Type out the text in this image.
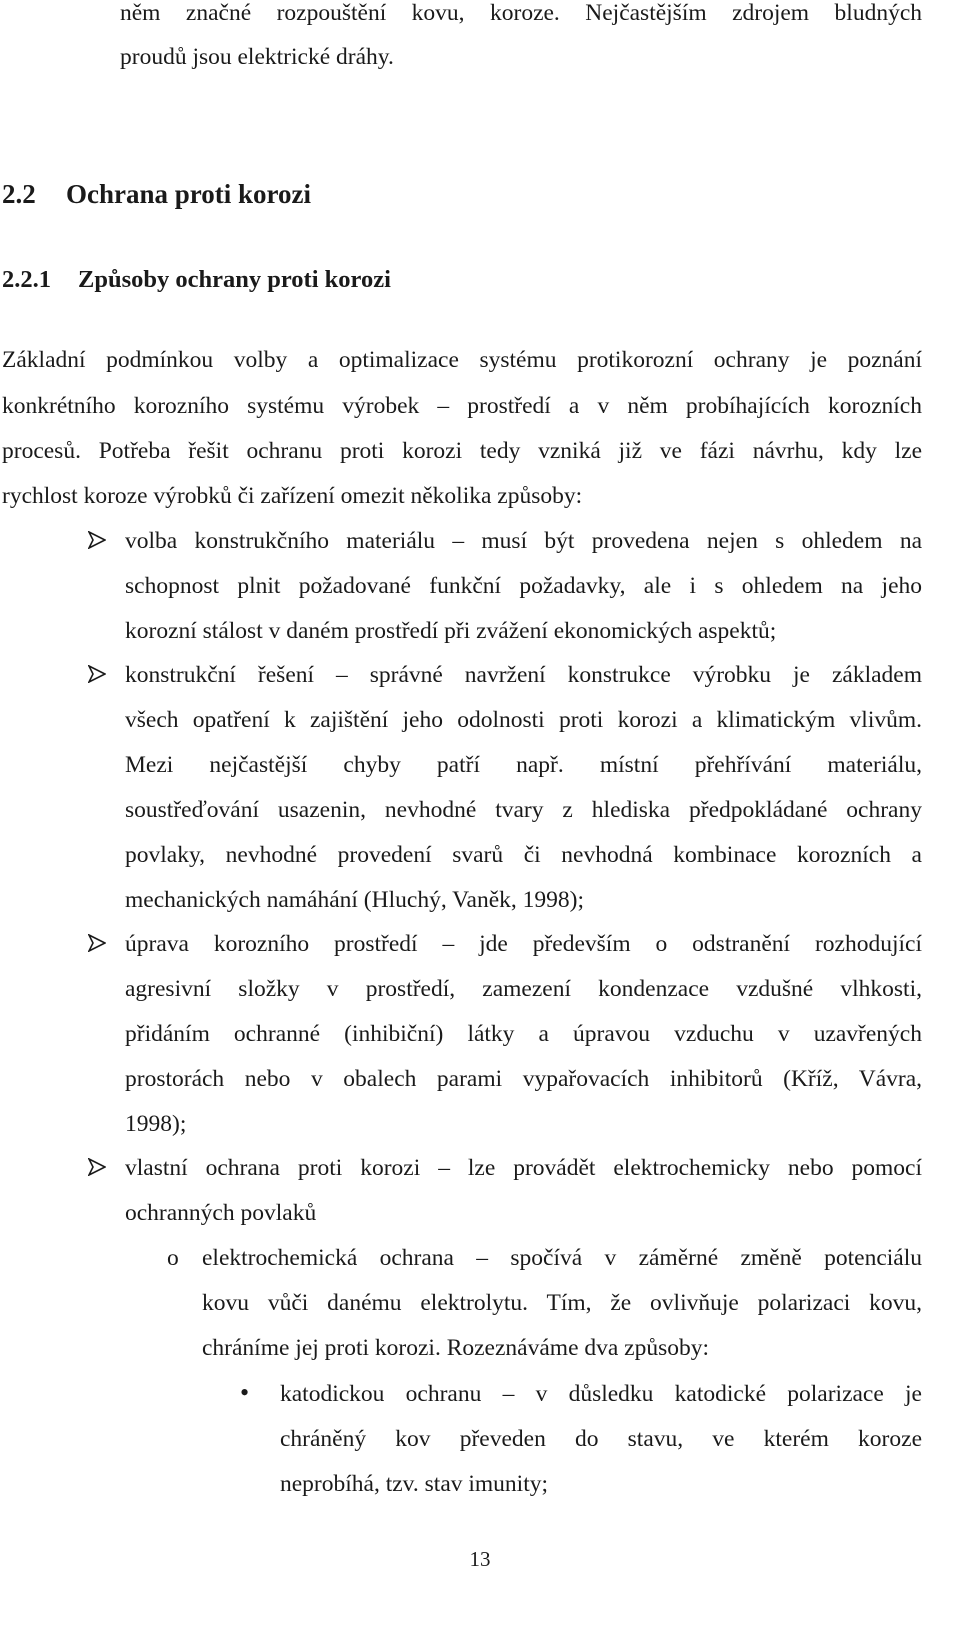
něm značné rozpouštění kovu, koroze. Nejčastějším zdrojem bludných

proudů jsou elektrické dráhy.

2.2 Ochrana proti korozi
2.2.1 Způsoby ochrany proti korozi

Základní podmínkou volby a optimalizace systému protikorozní ochrany je poznání

konkrétního korozního systému výrobek – prostředí a v něm probíhajících korozních

procesů. Potřeba řešit ochranu proti korozi tedy vzniká již ve fázi návrhu, kdy lze

rychlost koroze výrobků či zařízení omezit několika způsoby:

volba konstrukčního materiálu – musí být provedena nejen s ohledem na

schopnost plnit požadované funkční požadavky, ale i s ohledem na jeho

korozní stálost v daném prostředí při zvážení ekonomických aspektů;

konstrukční řešení – správné navržení konstrukce výrobku je základem

všech opatření k zajištění jeho odolnosti proti korozi a klimatickým vlivům.

Mezi nejčastější chyby patří např. místní přehřívání materiálu,

soustřeďování usazenin, nevhodné tvary z hlediska předpokládané ochrany

povlaky, nevhodné provedení svarů či nevhodná kombinace korozních a

mechanických namáhání (Hluchý, Vaněk, 1998);

úprava korozního prostředí – jde především o odstranění rozhodující

agresivní složky v prostředí, zamezení kondenzace vzdušné vlhkosti,

přidáním ochranné (inhibiční) látky a úpravou vzduchu v uzavřených

prostorách nebo v obalech parami vypařovacích inhibitorů (Kříž, Vávra,

1998);

vlastní ochrana proti korozi – lze provádět elektrochemicky nebo pomocí

ochranných povlaků

o elektrochemická ochrana – spočívá v záměrné změně potenciálu

kovu vůči danému elektrolytu. Tím, že ovlivňuje polarizaci kovu,

chráníme jej proti korozi. Rozeznáváme dva způsoby:

• katodickou ochranu – v důsledku katodické polarizace je

chráněný kov převeden do stavu, ve kterém koroze

neprobíhá, tzv. stav imunity;

13
